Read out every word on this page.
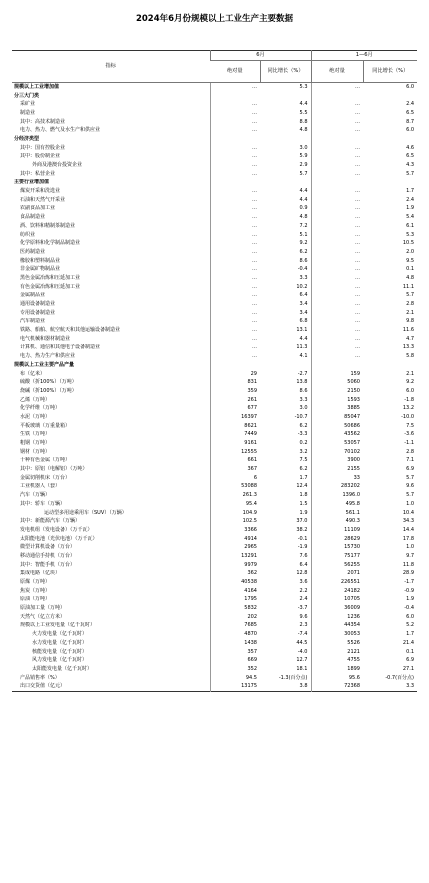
2024年6月份规模以上工业生产主要数据
指标	6月		1—6月	
	绝对量	同比增长（%）	绝对量	同比增长（%）
规模以上工业增加值	…	5.3	…	6.0
分三大门类				
采矿业	…	4.4	…	2.4
制造业	…	5.5	…	6.5
其中：高技术制造业	…	8.8	…	8.7
电力、热力、燃气及水生产和供应业	…	4.8	…	6.0
分经济类型				
其中：国有控股企业	…	3.0	…	4.6
其中：股份制企业	…	5.9	…	6.5
外商及港澳台投资企业	…	2.9	…	4.3
其中：私营企业	…	5.7	…	5.7
主要行业增加值				
煤炭开采和洗选业	…	4.4	…	1.7
石油和天然气开采业	…	4.4	…	2.4
农副食品加工业	…	0.9	…	1.9
食品制造业	…	4.8	…	5.4
酒、饮料和精制茶制造业	…	7.2	…	6.1
纺织业	…	5.1	…	5.3
化学原料和化学制品制造业	…	9.2	…	10.5
医药制造业	…	6.2	…	2.0
橡胶和塑料制品业	…	8.6	…	9.5
非金属矿物制品业	…	-0.4	…	0.1
黑色金属冶炼和压延加工业	…	3.3	…	4.8
有色金属冶炼和压延加工业	…	10.2	…	11.1
金属制品业	…	6.4	…	5.7
通用设备制造业	…	3.4	…	2.8
专用设备制造业	…	3.4	…	2.1
汽车制造业	…	6.8	…	9.8
铁路、船舶、航空航天和其他运输设备制造业	…	13.1	…	11.6
电气机械和器材制造业	…	4.4	…	4.7
计算机、通信和其他电子设备制造业	…	11.3	…	13.3
电力、热力生产和供应业	…	4.1	…	5.8
规模以上工业主要产品产量				
布（亿米）	29	-2.7	159	2.1
硫酸（折100%）（万吨）	831	13.8	5060	9.2
烧碱（折100%）（万吨）	359	8.6	2150	6.0
乙烯（万吨）	261	3.3	1593	-1.8
化学纤维（万吨）	677	3.0	3885	13.2
水泥（万吨）	16397	-10.7	85047	-10.0
平板玻璃（万重量箱）	8621	6.2	50686	7.5
生铁（万吨）	7449	-3.3	43562	-3.6
粗钢（万吨）	9161	0.2	53057	-1.1
钢材（万吨）	12555	3.2	70102	2.8
十种有色金属（万吨）	661	7.5	3900	7.1
其中：原铝（电解铝）（万吨）	367	6.2	2155	6.9
金属切削机床（万台）	6	1.7	33	5.7
工业机器人（套）	53088	12.4	283202	9.6
汽车（万辆）	261.3	1.8	1396.0	5.7
其中：轿车（万辆）	95.4	1.5	495.8	1.0
运动型多用途乘用车（SUV）（万辆）	104.9	1.9	561.1	10.4
其中：新能源汽车（万辆）	102.5	37.0	490.3	34.3
发电机组（发电设备）（万千瓦）	3366	38.2	11109	14.4
太阳能电池（光伏电池）（万千瓦）	4914	-0.1	28629	17.8
微型计算机设备（万台）	2965	-1.9	15730	1.0
移动通信手持机（万台）	13291	7.6	75177	9.7
其中：智能手机（万台）	9979	6.4	56255	11.8
集成电路（亿块）	362	12.8	2071	28.9
原煤（万吨）	40538	3.6	226551	-1.7
焦炭（万吨）	4164	2.2	24182	-0.9
原油（万吨）	1795	2.4	10705	1.9
原油加工量（万吨）	5832	-3.7	36009	-0.4
天然气（亿立方米）	202	9.6	1236	6.0
规模以上工业发电量（亿千瓦时）	7685	2.3	44354	5.2
火力发电量（亿千瓦时）	4870	-7.4	30053	1.7
水力发电量（亿千瓦时）	1438	44.5	5526	21.4
核能发电量（亿千瓦时）	357	-4.0	2121	0.1
风力发电量（亿千瓦时）	669	12.7	4755	6.9
太阳能发电量（亿千瓦时）	352	18.1	1899	27.1
产品销售率（%）	94.5	-1.3(百分点)	95.6	-0.7(百分点)
出口交货值（亿元）	13175	3.8	72368	3.3
